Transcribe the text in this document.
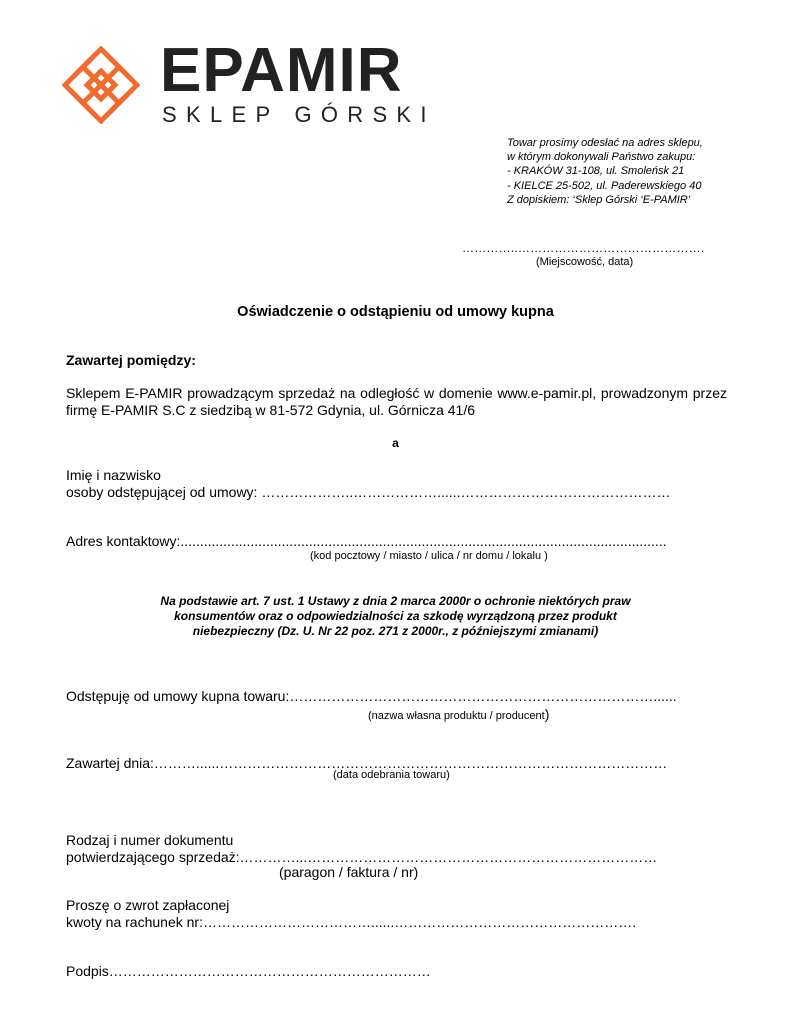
EPAMIR
SKLEP GÓRSKI
Towar prosimy odesłać na adres sklepu,
w którym dokonywali Państwo zakupu:
- KRAKÓW 31-108, ul. Smoleńsk 21
- KIELCE 25-502, ul. Paderewskiego 40
Z dopiskiem: ‘Sklep Górski ‘E-PAMIR’
…………..……………………………………….
(Miejscowość, data)
Oświadczenie o odstąpieniu od umowy kupna
Zawartej pomiędzy:
Sklepem E-PAMIR prowadzącym sprzedaż na odległość w domenie www.e-pamir.pl, prowadzonym przez firmę E-PAMIR S.C z siedzibą w 81-572 Gdynia, ul. Górnicza 41/6
a
Imię i nazwisko
osoby odstępującej od umowy: ………………..………………......………………………………………
Adres kontaktowy:.............................................................................................................................
(kod pocztowy / miasto / ulica / nr domu / lokalu )
Na podstawie art. 7 ust. 1 Ustawy z dnia 2 marca 2000r o ochronie niektórych praw
konsumentów oraz o odpowiedzialności za szkodę wyrządzoną przez produkt
niebezpieczny (Dz. U. Nr 22 poz. 271 z 2000r., z późniejszymi zmianami)
Odstępuję od umowy kupna towaru:……………………………………………………………………......
(nazwa własna produktu / producent)
Zawartej dnia:………......……………………………………………………………………………………
(data odebrania towaru)
Rodzaj i numer dokumentu
potwierdzającego sprzedaż:…………...…………………………………………………………………
(paragon / faktura / nr)
Proszę o zwrot zapłaconej
kwoty na rachunek nr:………………………………......…………………………………………….
Podpis……………………………………………………………
